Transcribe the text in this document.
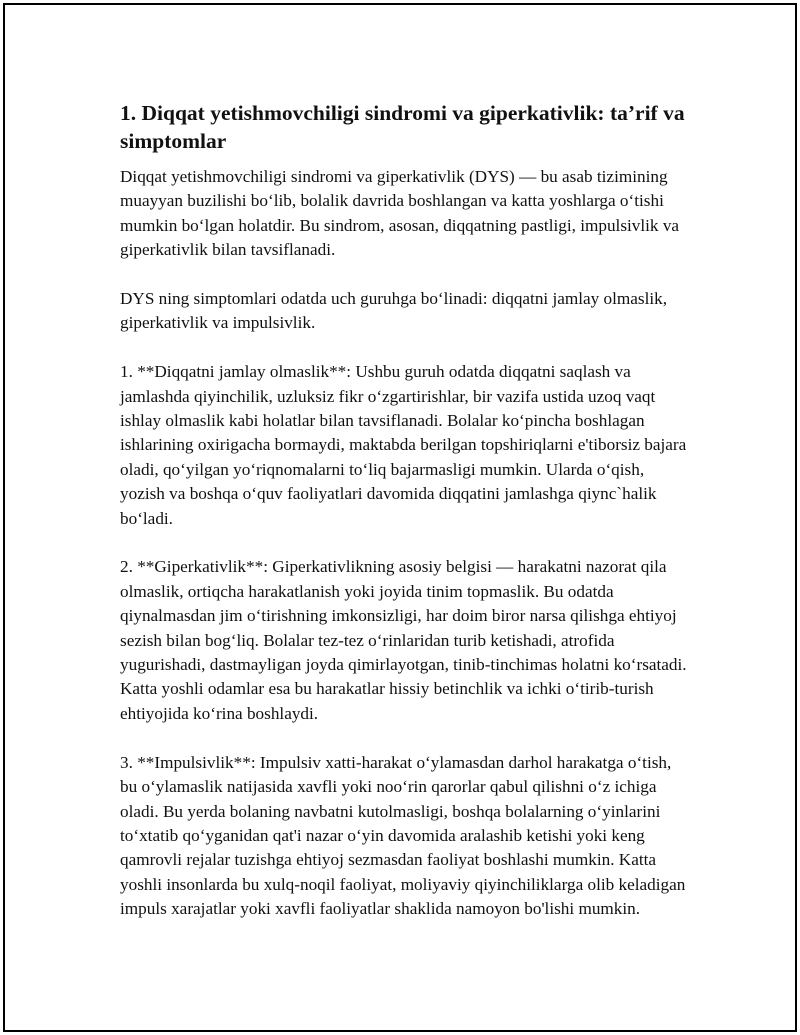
1. Diqqat yetishmovchiligi sindromi va giperkativlik: ta’rif va simptomlar

Diqqat yetishmovchiligi sindromi va giperkativlik (DYS) — bu asab tizimining muayyan buzilishi bo‘lib, bolalik davrida boshlangan va katta yoshlarga o‘tishi mumkin bo‘lgan holatdir. Bu sindrom, asosan, diqqatning pastligi, impulsivlik va giperkativlik bilan tavsiflanadi.

DYS ning simptomlari odatda uch guruhga bo‘linadi: diqqatni jamlay olmaslik, giperkativlik va impulsivlik.

1. **Diqqatni jamlay olmaslik**: Ushbu guruh odatda diqqatni saqlash va jamlashda qiyinchilik, uzluksiz fikr o‘zgartirishlar, bir vazifa ustida uzoq vaqt ishlay olmaslik kabi holatlar bilan tavsiflanadi. Bolalar ko‘pincha boshlagan ishlarining oxirigacha bormaydi, maktabda berilgan topshiriqlarni e'tiborsiz bajara oladi, qo‘yilgan yo‘riqnomalarni to‘liq bajarmasligi mumkin. Ularda o‘qish, yozish va boshqa o‘quv faoliyatlari davomida diqqatini jamlashga qiync`halik bo‘ladi.

2. **Giperkativlik**: Giperkativlikning asosiy belgisi — harakatni nazorat qila olmaslik, ortiqcha harakatlanish yoki joyida tinim topmaslik. Bu odatda qiynalmasdan jim o‘tirishning imkonsizligi, har doim biror narsa qilishga ehtiyoj sezish bilan bog‘liq. Bolalar tez-tez o‘rinlaridan turib ketishadi, atrofida yugurishadi, dastmayligan joyda qimirlayotgan, tinib-tinchimas holatni ko‘rsatadi. Katta yoshli odamlar esa bu harakatlar hissiy betinchlik va ichki o‘tirib-turish ehtiyojida ko‘rina boshlaydi.

3. **Impulsivlik**: Impulsiv xatti-harakat o‘ylamasdan darhol harakatga o‘tish, bu o‘ylamaslik natijasida xavfli yoki noo‘rin qarorlar qabul qilishni o‘z ichiga oladi. Bu yerda bolaning navbatni kutolmasligi, boshqa bolalarning o‘yinlarini to‘xtatib qo‘yganidan qat'i nazar o‘yin davomida aralashib ketishi yoki keng qamrovli rejalar tuzishga ehtiyoj sezmasdan faoliyat boshlashi mumkin. Katta yoshli insonlarda bu xulq-noqil faoliyat, moliyaviy qiyinchiliklarga olib keladigan impuls xarajatlar yoki xavfli faoliyatlar shaklida namoyon bo'lishi mumkin.
